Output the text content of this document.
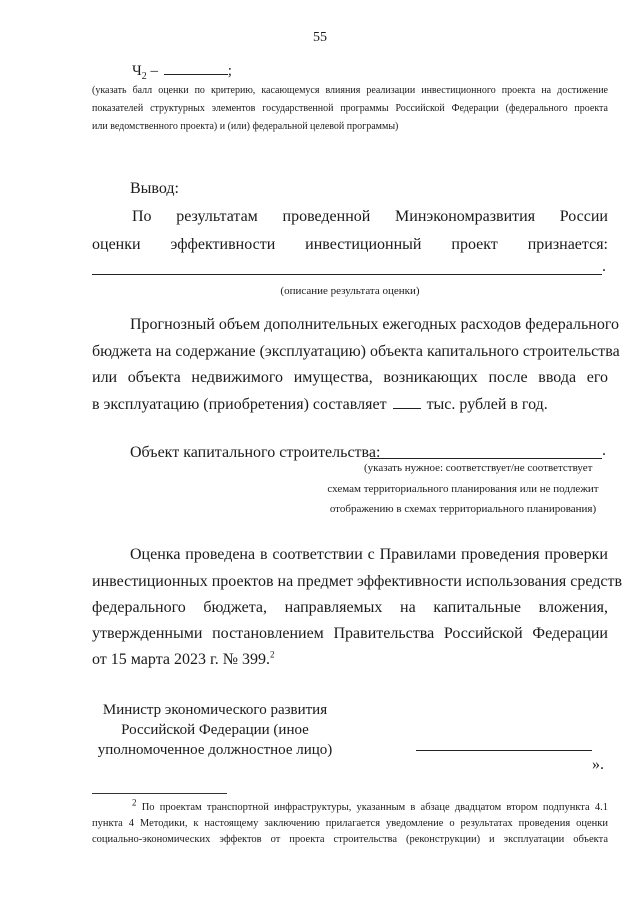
55
$Ч_2$ –	;
(указать балл оценки по критерию, касающемуся влияния реализации инвестиционного проекта на достижение
показателей структурных элементов государственной программы Российской Федерации (федерального проекта
или ведомственного проекта) и (или) федеральной целевой программы)
Вывод:
По результатам проведенной Минэкономразвития России
оценки эффективности инвестиционный проект признается:
.
(описание результата оценки)
Прогнозный объем дополнительных ежегодных расходов федерального
бюджета на содержание (эксплуатацию) объекта капитального строительства
или объекта недвижимого имущества, возникающих после ввода его
в эксплуатацию (приобретения) составляет	тыс. рублей в год.
Объект капитального строительства:	.
(указать нужное: соответствует/не соответствует
схемам территориального планирования или не подлежит
отображению в схемах территориального планирования)
Оценка проведена в соответствии с Правилами проведения проверки
инвестиционных проектов на предмет эффективности использования средств
федерального бюджета, направляемых на капитальные вложения,
утвержденными постановлением Правительства Российской Федерации
от 15 марта 2023 г. № 399.$^2$
Министр экономического развития
Российской Федерации (иное
уполномоченное должностное лицо)
».
2 По проектам транспортной инфраструктуры, указанным в абзаце двадцатом втором подпункта 4.1
пункта 4 Методики, к настоящему заключению прилагается уведомление о результатах проведения оценки
социально-экономических эффектов от проекта строительства (реконструкции) и эксплуатации объекта
